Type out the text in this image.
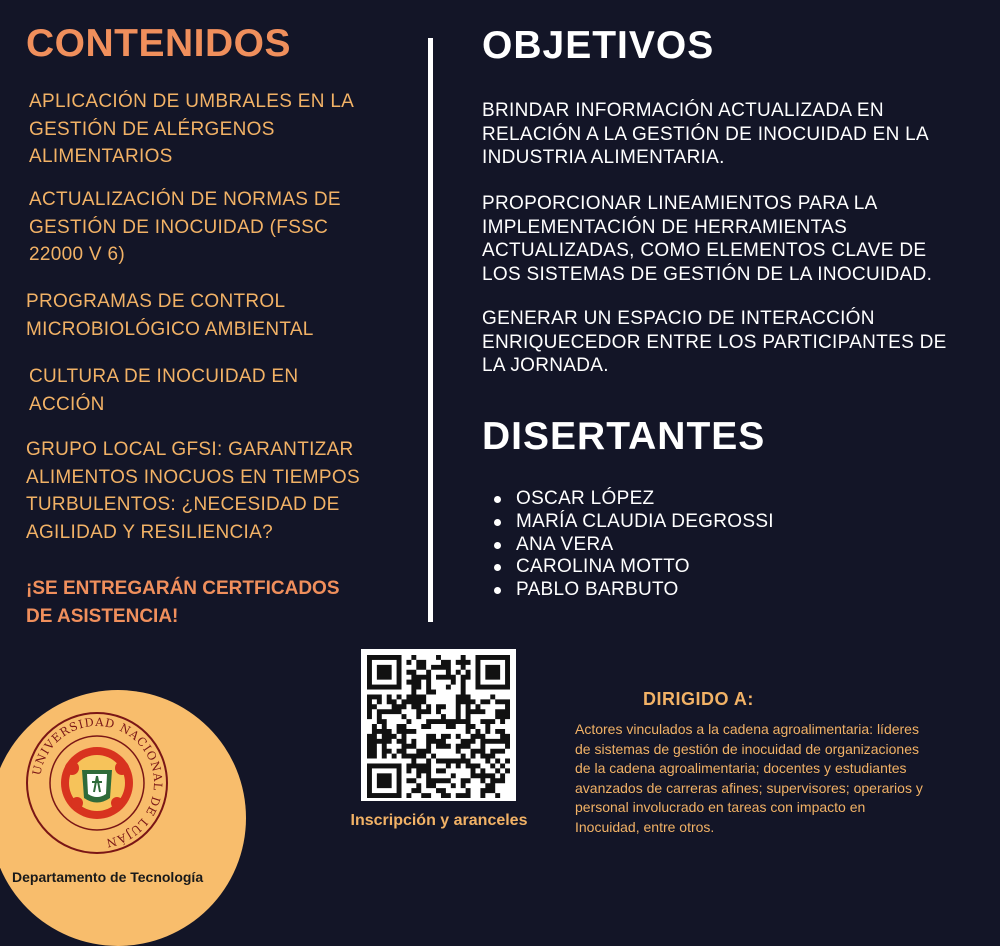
CONTENIDOS
APLICACIÓN DE UMBRALES EN LA
GESTIÓN DE ALÉRGENOS
ALIMENTARIOS
ACTUALIZACIÓN DE NORMAS DE
GESTIÓN DE INOCUIDAD (FSSC
22000 V 6)
PROGRAMAS DE CONTROL
MICROBIOLÓGICO AMBIENTAL
CULTURA DE INOCUIDAD EN
ACCIÓN
GRUPO LOCAL GFSI: GARANTIZAR
ALIMENTOS INOCUOS EN TIEMPOS
TURBULENTOS: ¿NECESIDAD DE
AGILIDAD Y RESILIENCIA?
¡SE ENTREGARÁN CERTFICADOS
DE ASISTENCIA!
OBJETIVOS
BRINDAR INFORMACIÓN ACTUALIZADA EN
RELACIÓN A LA GESTIÓN DE INOCUIDAD EN LA
INDUSTRIA ALIMENTARIA.
PROPORCIONAR LINEAMIENTOS PARA LA
IMPLEMENTACIÓN DE HERRAMIENTAS
ACTUALIZADAS, COMO ELEMENTOS CLAVE DE
LOS SISTEMAS DE GESTIÓN DE LA INOCUIDAD.
GENERAR UN ESPACIO DE INTERACCIÓN
ENRIQUECEDOR ENTRE LOS PARTICIPANTES DE
LA JORNADA.
DISERTANTES
OSCAR LÓPEZ
MARÍA CLAUDIA DEGROSSI
ANA VERA
CAROLINA MOTTO
PABLO BARBUTO
Inscripción y aranceles
DIRIGIDO A:
Actores vinculados a la cadena agroalimentaria: líderes
de sistemas de gestión de inocuidad de organizaciones
de la cadena agroalimentaria; docentes y estudiantes
avanzados de carreras afines; supervisores; operarios y
personal involucrado en tareas con impacto en
Inocuidad, entre otros.
UNIVERSIDAD NACIONAL DE LUJÁN
Departamento de Tecnología
